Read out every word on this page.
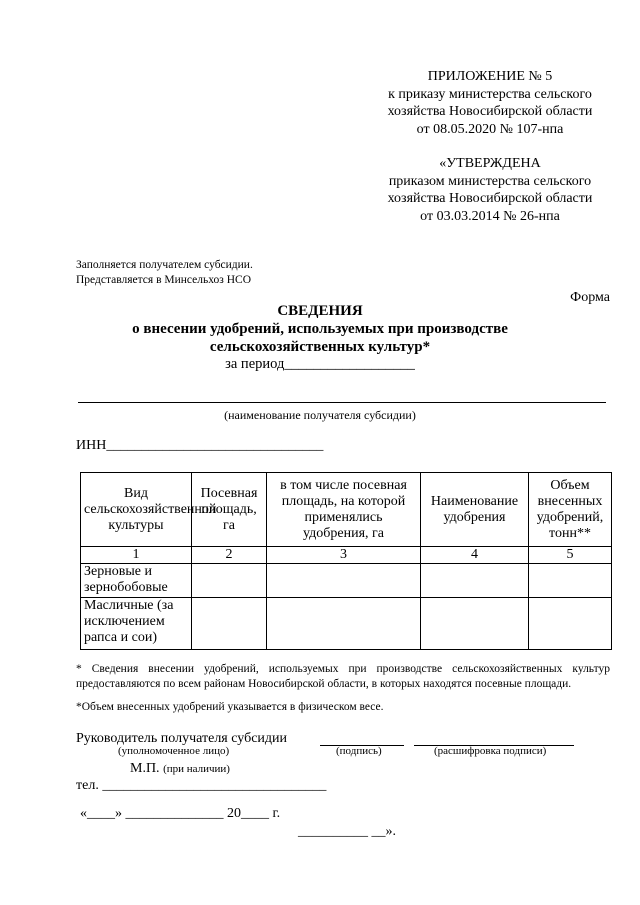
ПРИЛОЖЕНИЕ № 5
к приказу министерства сельского
хозяйства Новосибирской области
от 08.05.2020 № 107-нпа
«УТВЕРЖДЕНА
приказом министерства сельского
хозяйства Новосибирской области
от 03.03.2014 № 26-нпа
Заполняется получателем субсидии.
Представляется в Минсельхоз НСО
Форма
СВЕДЕНИЯ
о внесении удобрений, используемых при производстве
сельскохозяйственных культур*
за период__________________
(наименование получателя субсидии)
ИНН_______________________________
Вид сельскохозяйственной культуры	Посевная площадь, га	в том числе посевная площадь, на которой применялись удобрения, га	Наименование удобрения	Объем внесенных удобрений, тонн**
1	2	3	4	5
Зерновые и зернобобовые				
Масличные (за исключением рапса и сои)				
* Сведения внесении удобрений, используемых при производстве сельскохозяйственных культур предоставляются по всем районам Новосибирской области, в которых находятся посевные площади.
*Объем внесенных удобрений указывается в физическом весе.
Руководитель получателя субсидии
(уполномоченное лицо)	(подпись)	(расшифровка подписи)
М.П. (при наличии)
тел. ________________________________
«____» ______________ 20____ г.
__________ __».
